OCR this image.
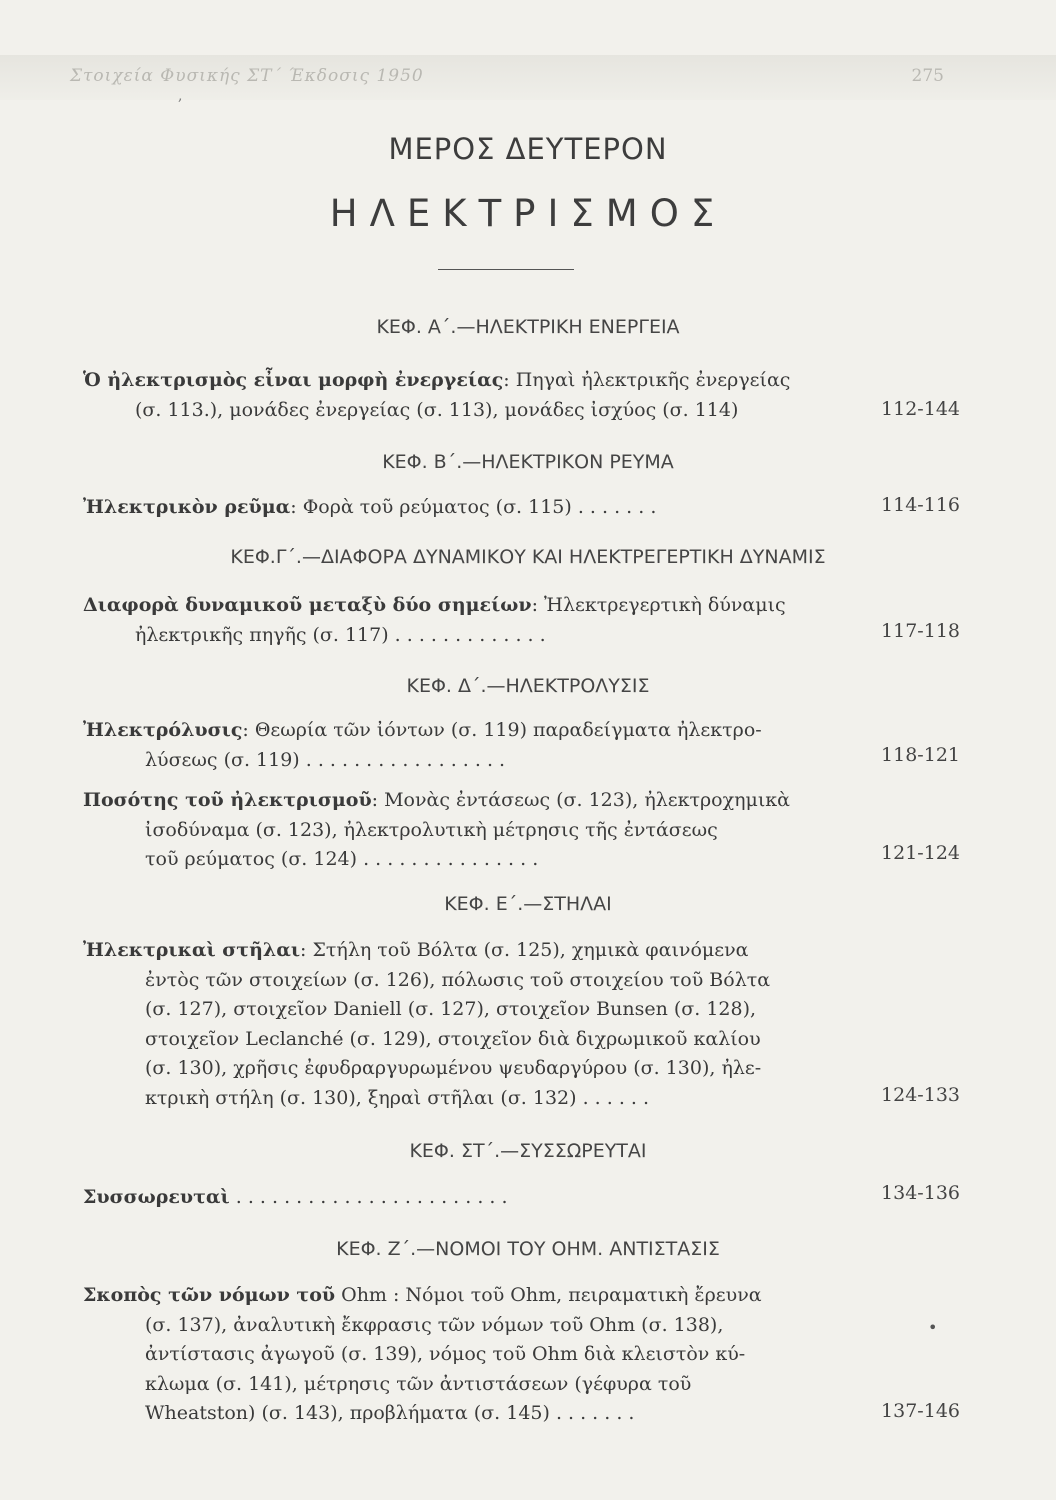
Στοιχεία Φυσικής ΣΤ΄ Έκδοσις 1950	275
,
ΜΕΡΟΣ ΔΕΥΤΕΡΟΝ
ΗΛΕΚΤΡΙΣΜΟΣ
ΚΕΦ. Α΄.—ΗΛΕΚΤΡΙΚΗ ΕΝΕΡΓΕΙΑ
Ὁ ἠλεκτρισμὸς εἶναι μορφὴ ἐνεργείας: Πηγαὶ ἠλεκτρικῆς ἐνεργείας
(σ. 113.), μονάδες ἐνεργείας (σ. 113), μονάδες ἰσχύος (σ. 114)	112-144
ΚΕΦ. Β΄.—ΗΛΕΚΤΡΙΚΟΝ ΡΕΥΜΑ
Ἠλεκτρικὸν ρεῦμα: Φορὰ τοῦ ρεύματος (σ. 115) . . . . . . .	114-116
ΚΕΦ.Γ΄.—ΔΙΑΦΟΡΑ ΔΥΝΑΜΙΚΟΥ ΚΑΙ ΗΛΕΚΤΡΕΓΕΡΤΙΚΗ ΔΥΝΑΜΙΣ
Διαφορὰ δυναμικοῦ μεταξὺ δύο σημείων: Ἠλεκτρεγερτικὴ δύναμις
ἠλεκτρικῆς πηγῆς (σ. 117) . . . . . . . . . . . . .	117-118
ΚΕΦ. Δ΄.—ΗΛΕΚΤΡΟΛΥΣΙΣ
Ἠλεκτρόλυσις: Θεωρία τῶν ἰόντων (σ. 119) παραδείγματα ἠλεκτρο-
λύσεως (σ. 119) . . . . . . . . . . . . . . . . .	118-121
Ποσότης τοῦ ἠλεκτρισμοῦ: Μονὰς ἐντάσεως (σ. 123), ἠλεκτροχημικὰ
ἰσοδύναμα (σ. 123), ἠλεκτρολυτικὴ μέτρησις τῆς ἐντάσεως
τοῦ ρεύματος (σ. 124) . . . . . . . . . . . . . . .	121-124
ΚΕΦ. Ε΄.—ΣΤΗΛΑΙ
Ἠλεκτρικαὶ στῆλαι: Στήλη τοῦ Βόλτα (σ. 125), χημικὰ φαινόμενα
ἐντὸς τῶν στοιχείων (σ. 126), πόλωσις τοῦ στοιχείου τοῦ Βόλτα
(σ. 127), στοιχεῖον Daniell (σ. 127), στοιχεῖον Bunsen (σ. 128),
στοιχεῖον Leclanché (σ. 129), στοιχεῖον διὰ διχρωμικοῦ καλίου
(σ. 130), χρῆσις ἐφυδραργυρωμένου ψευδαργύρου (σ. 130), ἠλε-
κτρικὴ στήλη (σ. 130), ξηραὶ στῆλαι (σ. 132) . . . . . .	124-133
ΚΕΦ. ΣΤ΄.—ΣΥΣΣΩΡΕΥΤΑΙ
Συσσωρευταὶ . . . . . . . . . . . . . . . . . . . . . . .	134-136
ΚΕΦ. Ζ΄.—ΝΟΜΟΙ ΤΟΥ ΟΗΜ. ΑΝΤΙΣΤΑΣΙΣ
Σκοπὸς τῶν νόμων τοῦ Ohm : Νόμοι τοῦ Ohm, πειραματικὴ ἔρευνα
(σ. 137), ἀναλυτικὴ ἔκφρασις τῶν νόμων τοῦ Ohm (σ. 138),
ἀντίστασις ἀγωγοῦ (σ. 139), νόμος τοῦ Ohm διὰ κλειστὸν κύ-
κλωμα (σ. 141), μέτρησις τῶν ἀντιστάσεων (γέφυρα τοῦ
Wheatston) (σ. 143), προβλήματα (σ. 145) . . . . . . .	137-146
•
